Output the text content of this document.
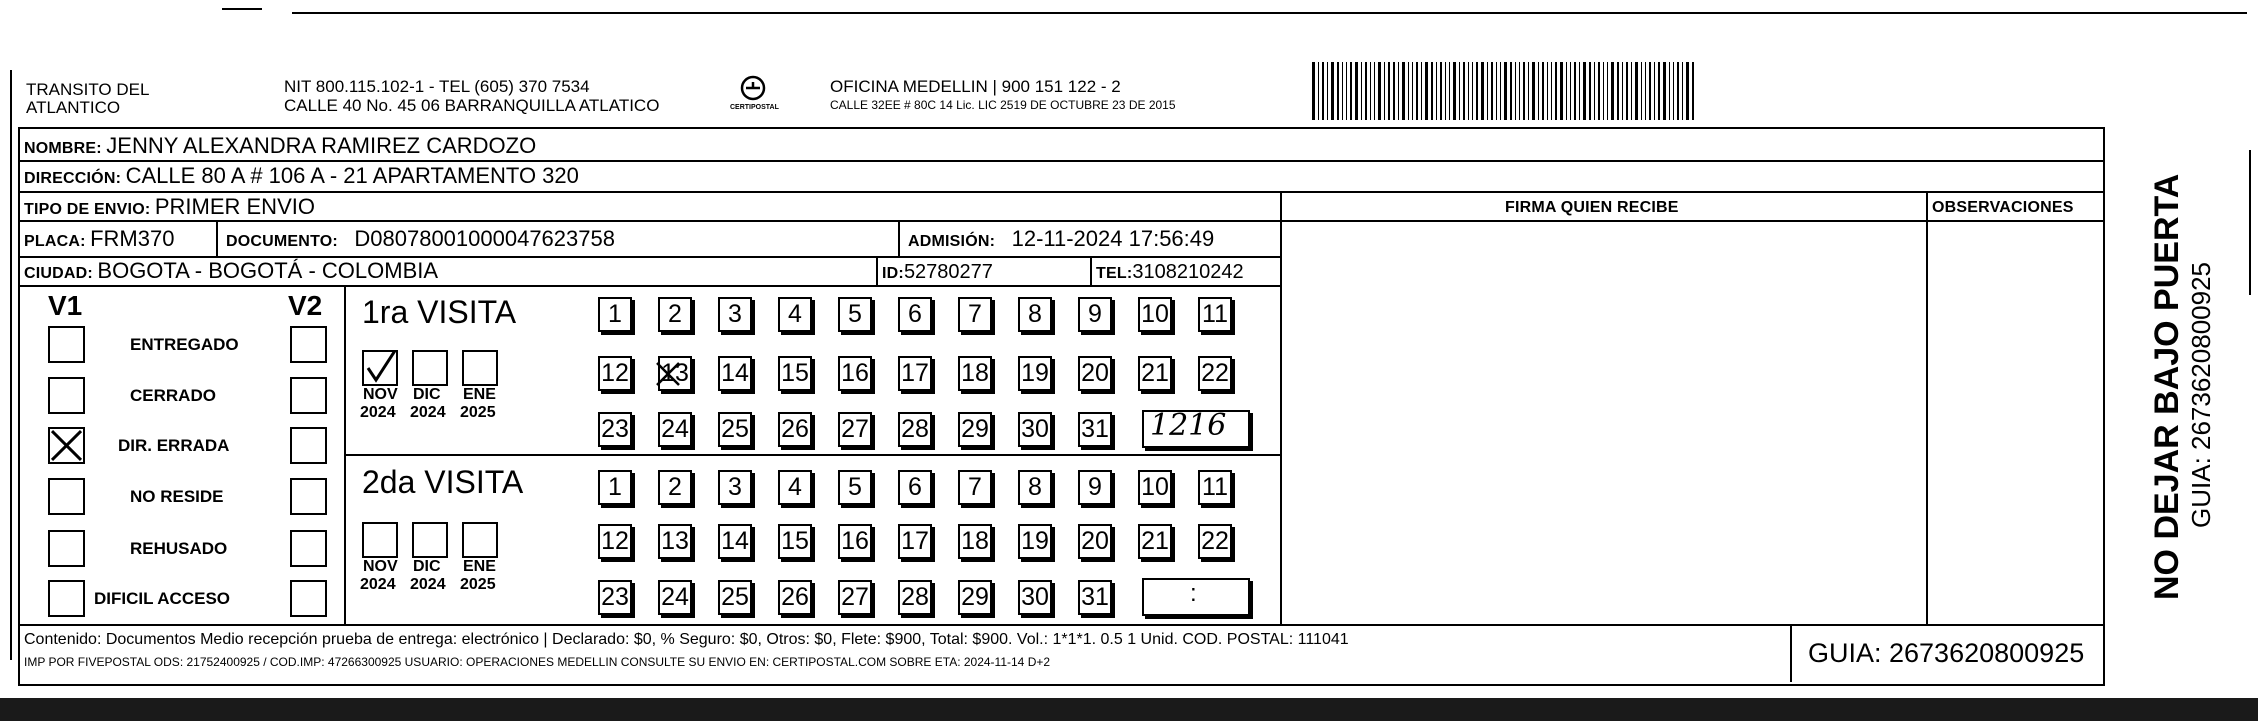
TRANSITO DEL
ATLANTICO
NIT 800.115.102-1 - TEL (605) 370 7534
CALLE 40 No. 45 06 BARRANQUILLA ATLATICO	CERTIPOSTAL
OFICINA MEDELLIN | 900 151 122 - 2
CALLE 32EE # 80C 14 Lic. LIC 2519 DE OCTUBRE 23 DE 2015
NOMBRE: JENNY ALEXANDRA RAMIREZ CARDOZO
DIRECCIÓN: CALLE 80 A # 106 A - 21 APARTAMENTO 320
TIPO DE ENVIO: PRIMER ENVIO	FIRMA QUIEN RECIBE	OBSERVACIONES
PLACA: FRM370	DOCUMENTO: D08078001000047623758	ADMISIÓN: 12-11-2024 17:56:49
CIUDAD: BOGOTA - BOGOTÁ - COLOMBIA	ID:52780277	TEL:3108210242
V1	V2
ENTREGADO
CERRADO
DIR. ERRADA
NO RESIDE
REHUSADO
DIFICIL ACCESO
1ra VISITA
NOV
2024
DIC
2024
ENE
2025
1	2	3	4	5	6	7	8	9	10 11
12 13 14 15 16 17 18 19 20 21 22
23 24 25 26 27 28 29 30 31 1216
2da VISITA
NOV
2024
DIC
2024
ENE
2025
1	2	3	4	5	6	7	8	9	10 11
12 13 14 15 16 17 18 19 20 21 22
23 24 25 26 27 28 29 30 31	:
Contenido: Documentos Medio recepción prueba de entrega: electrónico | Declarado: $0, % Seguro: $0, Otros: $0, Flete: $900, Total: $900. Vol.: 1*1*1. 0.5 1 Unid. COD. POSTAL: 111041
IMP POR FIVEPOSTAL ODS: 21752400925 / COD.IMP: 47266300925 USUARIO: OPERACIONES MEDELLIN CONSULTE SU ENVIO EN: CERTIPOSTAL.COM SOBRE ETA: 2024-11-14 D+2	GUIA: 2673620800925
NO DEJAR BAJO PUERTA GUIA: 2673620800925
